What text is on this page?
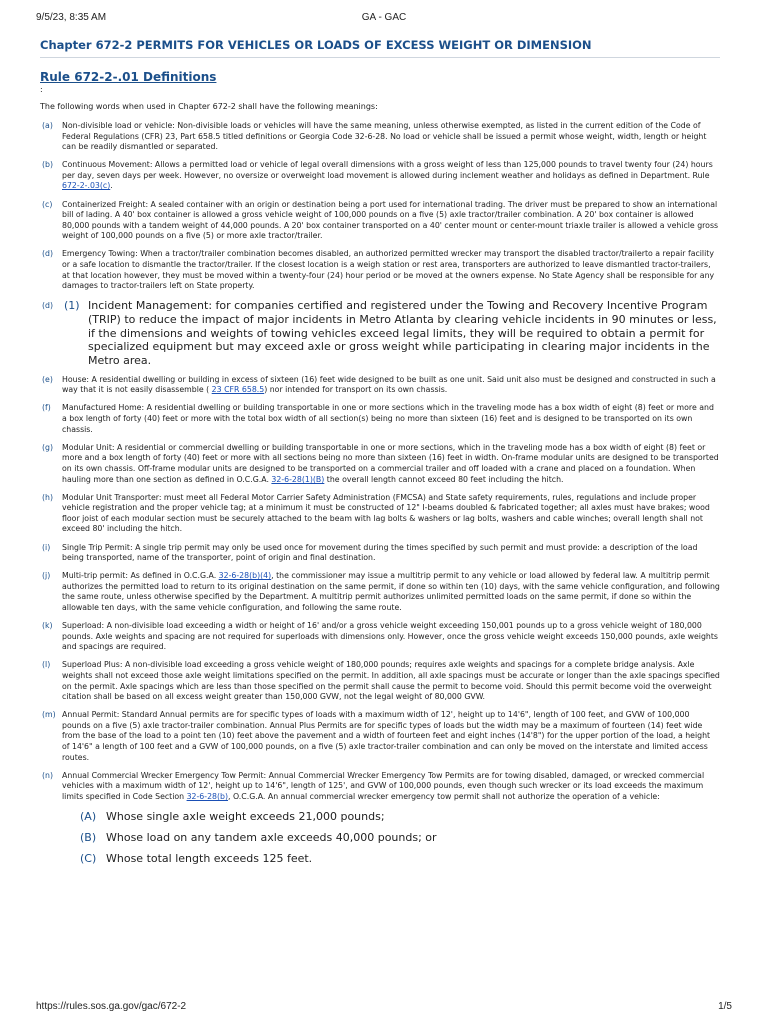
9/5/23, 8:35 AM	GA - GAC
Chapter 672-2 PERMITS FOR VEHICLES OR LOADS OF EXCESS WEIGHT OR DIMENSION
Rule 672-2-.01 Definitions

:

The following words when used in Chapter 672-2 shall have the following meanings:

(a) Non-divisible load or vehicle: Non-divisible loads or vehicles will have the same meaning, unless otherwise exempted, as listed in the current edition of the Code of Federal Regulations (CFR) 23, Part 658.5 titled definitions or Georgia Code 32-6-28. No load or vehicle shall be issued a permit whose weight, width, length or height can be readily dismantled or separated.
(b) Continuous Movement: Allows a permitted load or vehicle of legal overall dimensions with a gross weight of less than 125,000 pounds to travel twenty four (24) hours per day, seven days per week. However, no oversize or overweight load movement is allowed during inclement weather and holidays as defined in Department. Rule 672-2-.03(c).
(c) Containerized Freight: A sealed container with an origin or destination being a port used for international trading. The driver must be prepared to show an international bill of lading. A 40' box container is allowed a gross vehicle weight of 100,000 pounds on a five (5) axle tractor/trailer combination. A 20' box container is allowed 80,000 pounds with a tandem weight of 44,000 pounds. A 20' box container transported on a 40' center mount or center-mount triaxle trailer is allowed a vehicle gross weight of 100,000 pounds on a five (5) or more axle tractor/trailer.
(d) Emergency Towing: When a tractor/trailer combination becomes disabled, an authorized permitted wrecker may transport the disabled tractor/trailerto a repair facility or a safe location to dismantle the tractor/trailer. If the closest location is a weigh station or rest area, transporters are authorized to leave dismantled tractor-trailers, at that location however, they must be moved within a twenty-four (24) hour period or be moved at the owners expense. No State Agency shall be responsible for any damages to tractor-trailers left on State property.
(d) (1) Incident Management: for companies certified and registered under the Towing and Recovery Incentive Program (TRIP) to reduce the impact of major incidents in Metro Atlanta by clearing vehicle incidents in 90 minutes or less, if the dimensions and weights of towing vehicles exceed legal limits, they will be required to obtain a permit for specialized equipment but may exceed axle or gross weight while participating in clearing major incidents in the Metro area.
(e) House: A residential dwelling or building in excess of sixteen (16) feet wide designed to be built as one unit. Said unit also must be designed and constructed in such a way that it is not easily disassemble ( 23 CFR 658.5) nor intended for transport on its own chassis.
(f) Manufactured Home: A residential dwelling or building transportable in one or more sections which in the traveling mode has a box width of eight (8) feet or more and a box length of forty (40) feet or more with the total box width of all section(s) being no more than sixteen (16) feet and is designed to be transported on its own chassis.
(g) Modular Unit: A residential or commercial dwelling or building transportable in one or more sections, which in the traveling mode has a box width of eight (8) feet or more and a box length of forty (40) feet or more with all sections being no more than sixteen (16) feet in width. On-frame modular units are designed to be transported on its own chassis. Off-frame modular units are designed to be transported on a commercial trailer and off loaded with a crane and placed on a foundation. When hauling more than one section as defined in O.C.G.A. 32-6-28(1)(B) the overall length cannot exceed 80 feet including the hitch.
(h) Modular Unit Transporter: must meet all Federal Motor Carrier Safety Administration (FMCSA) and State safety requirements, rules, regulations and include proper vehicle registration and the proper vehicle tag; at a minimum it must be constructed of 12" I-beams doubled & fabricated together; all axles must have brakes; wood floor joist of each modular section must be securely attached to the beam with lag bolts & washers or lag bolts, washers and cable winches; overall length shall not exceed 80' including the hitch.
(i) Single Trip Permit: A single trip permit may only be used once for movement during the times specified by such permit and must provide: a description of the load being transported, name of the transporter, point of origin and final destination.
(j) Multi-trip permit: As defined in O.C.G.A. 32-6-28(b)(4), the commissioner may issue a multitrip permit to any vehicle or load allowed by federal law. A multitrip permit authorizes the permitted load to return to its original destination on the same permit, if done so within ten (10) days, with the same vehicle configuration, and following the same route, unless otherwise specified by the Department. A multitrip permit authorizes unlimited permitted loads on the same permit, if done so within the allowable ten days, with the same vehicle configuration, and following the same route.
(k) Superload: A non-divisible load exceeding a width or height of 16' and/or a gross vehicle weight exceeding 150,001 pounds up to a gross vehicle weight of 180,000 pounds. Axle weights and spacing are not required for superloads with dimensions only. However, once the gross vehicle weight exceeds 150,000 pounds, axle weights and spacings are required.
(l) Superload Plus: A non-divisible load exceeding a gross vehicle weight of 180,000 pounds; requires axle weights and spacings for a complete bridge analysis. Axle weights shall not exceed those axle weight limitations specified on the permit. In addition, all axle spacings must be accurate or longer than the axle spacings specified on the permit. Axle spacings which are less than those specified on the permit shall cause the permit to become void. Should this permit become void the overweight citation shall be based on all excess weight greater than 150,000 GVW, not the legal weight of 80,000 GVW.
(m) Annual Permit: Standard Annual permits are for specific types of loads with a maximum width of 12', height up to 14'6", length of 100 feet, and GVW of 100,000 pounds on a five (5) axle tractor-trailer combination. Annual Plus Permits are for specific types of loads but the width may be a maximum of fourteen (14) feet wide from the base of the load to a point ten (10) feet above the pavement and a width of fourteen feet and eight inches (14'8") for the upper portion of the load, a height of 14'6" a length of 100 feet and a GVW of 100,000 pounds, on a five (5) axle tractor-trailer combination and can only be moved on the interstate and limited access routes.
(n) Annual Commercial Wrecker Emergency Tow Permit: Annual Commercial Wrecker Emergency Tow Permits are for towing disabled, damaged, or wrecked commercial vehicles with a maximum width of 12', height up to 14'6", length of 125', and GVW of 100,000 pounds, even though such wrecker or its load exceeds the maximum limits specified in Code Section 32-6-28(b), O.C.G.A. An annual commercial wrecker emergency tow permit shall not authorize the operation of a vehicle:
(A) Whose single axle weight exceeds 21,000 pounds;
(B) Whose load on any tandem axle exceeds 40,000 pounds; or
(C) Whose total length exceeds 125 feet.
https://rules.sos.ga.gov/gac/672-2	1/5
